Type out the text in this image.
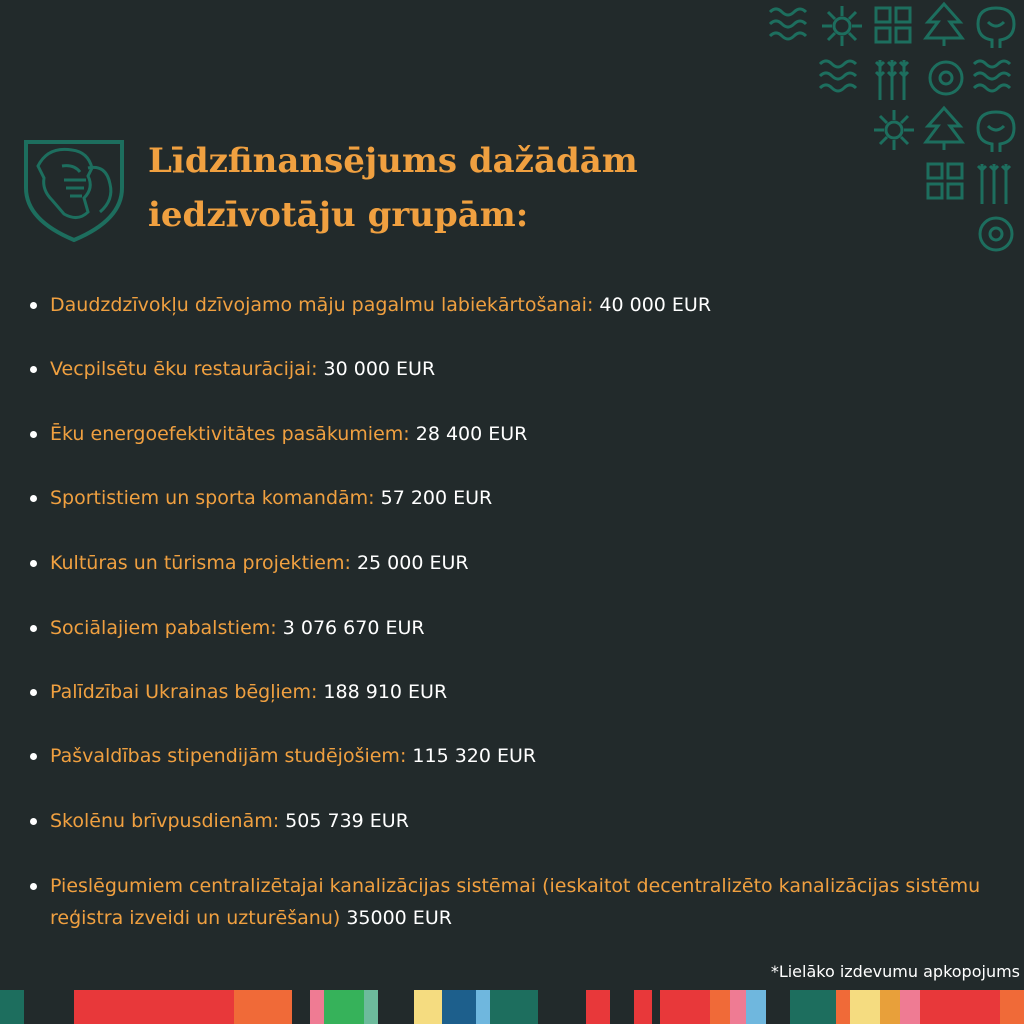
Līdzfinansējums dažādām iedzīvotāju grupām:
Daudzdzīvokļu dzīvojamo māju pagalmu labiekārtošanai: 40 000 EUR
Vecpilsētu ēku restaurācijai: 30 000 EUR
Ēku energoefektivitātes pasākumiem: 28 400 EUR
Sportistiem un sporta komandām: 57 200 EUR
Kultūras un tūrisma projektiem: 25 000 EUR
Sociālajiem pabalstiem: 3 076 670 EUR
Palīdzībai Ukrainas bēgļiem: 188 910 EUR
Pašvaldības stipendijām studējošiem: 115 320 EUR
Skolēnu brīvpusdienām: 505 739 EUR
Pieslēgumiem centralizētajai kanalizācijas sistēmai (ieskaitot decentralizēto kanalizācijas sistēmu reģistra izveidi un uzturēšanu) 35000 EUR
*Lielāko izdevumu apkopojums
